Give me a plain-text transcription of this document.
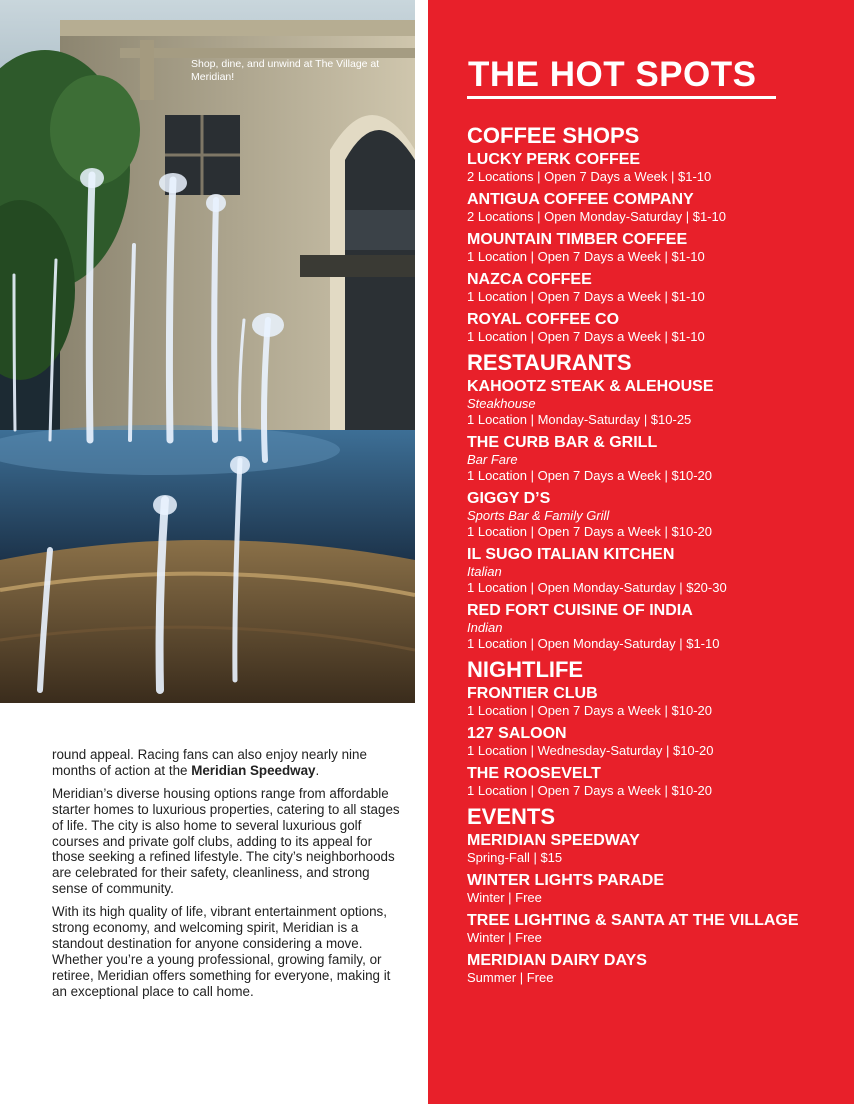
Shop, dine, and unwind at The Village at Meridian!

round appeal. Racing fans can also enjoy nearly nine months of action at the Meridian Speedway.

Meridian’s diverse housing options range from affordable starter homes to luxurious properties, catering to all stages of life. The city is also home to several luxurious golf courses and private golf clubs, adding to its appeal for those seeking a refined lifestyle. The city’s neighborhoods are celebrated for their safety, cleanliness, and strong sense of community.

With its high quality of life, vibrant entertainment options, strong economy, and welcoming spirit, Meridian is a standout destination for anyone considering a move. Whether you’re a young professional, growing family, or retiree, Meridian offers something for everyone, making it an exceptional place to call home.

THE HOT SPOTS
COFFEE SHOPS
LUCKY PERK COFFEE
2 Locations | Open 7 Days a Week | $1-10
ANTIGUA COFFEE COMPANY
2 Locations | Open Monday-Saturday | $1-10
MOUNTAIN TIMBER COFFEE
1 Location | Open 7 Days a Week | $1-10
NAZCA COFFEE
1 Location | Open 7 Days a Week | $1-10
ROYAL COFFEE CO
1 Location | Open 7 Days a Week | $1-10
RESTAURANTS
KAHOOTZ STEAK & ALEHOUSE
Steakhouse
1 Location | Monday-Saturday | $10-25
THE CURB BAR & GRILL
Bar Fare
1 Location | Open 7 Days a Week | $10-20
GIGGY D’S
Sports Bar & Family Grill
1 Location | Open 7 Days a Week | $10-20
IL SUGO ITALIAN KITCHEN
Italian
1 Location | Open Monday-Saturday | $20-30
RED FORT CUISINE OF INDIA
Indian
1 Location | Open Monday-Saturday | $1-10
NIGHTLIFE
FRONTIER CLUB
1 Location | Open 7 Days a Week | $10-20
127 SALOON
1 Location | Wednesday-Saturday | $10-20
THE ROOSEVELT
1 Location | Open 7 Days a Week | $10-20
EVENTS
MERIDIAN SPEEDWAY
Spring-Fall | $15
WINTER LIGHTS PARADE
Winter | Free
TREE LIGHTING & SANTA AT THE VILLAGE
Winter | Free
MERIDIAN DAIRY DAYS
Summer | Free
